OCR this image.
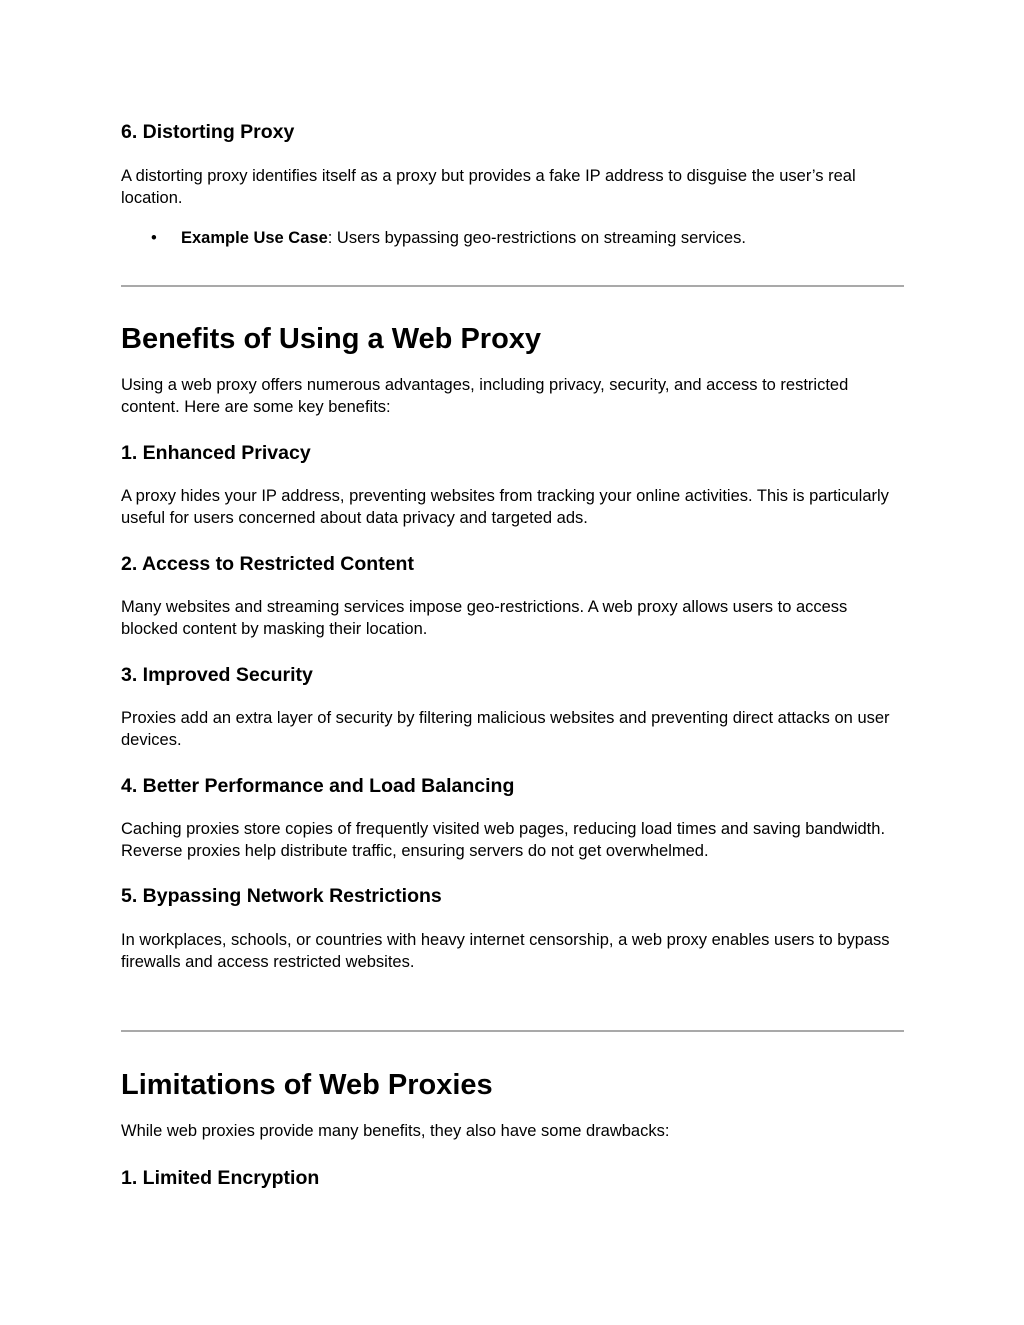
6. Distorting Proxy

A distorting proxy identifies itself as a proxy but provides a fake IP address to disguise the user’s real location.

• Example Use Case: Users bypassing geo-restrictions on streaming services.
Benefits of Using a Web Proxy

Using a web proxy offers numerous advantages, including privacy, security, and access to restricted content. Here are some key benefits:

1. Enhanced Privacy

A proxy hides your IP address, preventing websites from tracking your online activities. This is particularly useful for users concerned about data privacy and targeted ads.

2. Access to Restricted Content

Many websites and streaming services impose geo-restrictions. A web proxy allows users to access blocked content by masking their location.

3. Improved Security

Proxies add an extra layer of security by filtering malicious websites and preventing direct attacks on user devices.

4. Better Performance and Load Balancing

Caching proxies store copies of frequently visited web pages, reducing load times and saving bandwidth. Reverse proxies help distribute traffic, ensuring servers do not get overwhelmed.

5. Bypassing Network Restrictions

In workplaces, schools, or countries with heavy internet censorship, a web proxy enables users to bypass firewalls and access restricted websites.

Limitations of Web Proxies

While web proxies provide many benefits, they also have some drawbacks:

1. Limited Encryption
